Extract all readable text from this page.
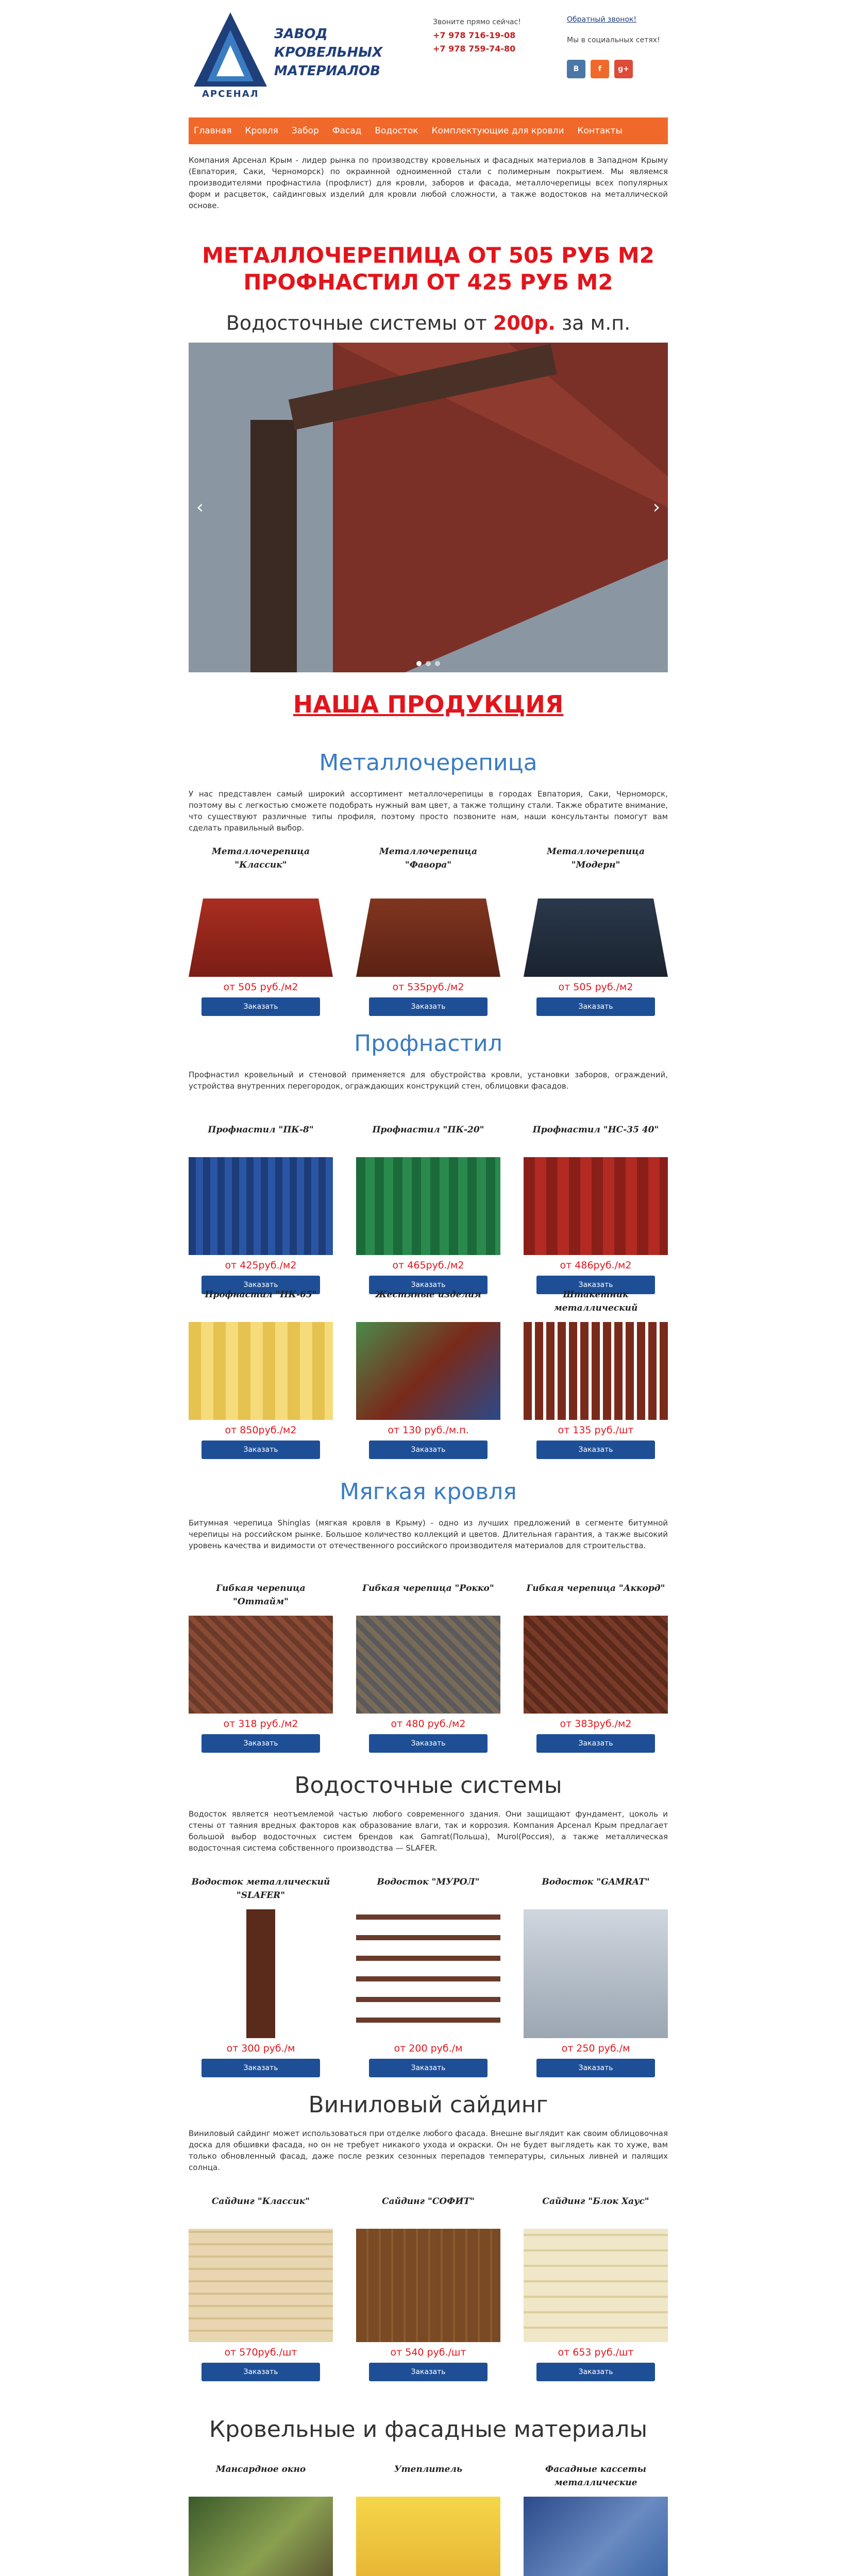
АРСЕНАЛ
ЗАВОД КРОВЕЛЬНЫХ МАТЕРИАЛОВ
Звоните прямо сейчас!
+7 978 716-19-08
+7 978 759-74-80
Обратный звонок!
Мы в социальных сетях!
В	f	g+
Главная Кровля Забор Фасад Водосток Комплектующие для кровли Контакты
Компания Арсенал Крым - лидер рынка по производству кровельных и фасадных материалов в Западном Крыму (Евпатория, Саки, Черноморск) по окраинной одноименной стали с полимерным покрытием. Мы являемся производителями профнастила (профлист) для кровли, заборов и фасада, металлочерепицы всех популярных форм и расцветок, сайдинговых изделий для кровли любой сложности, а также водостоков на металлической основе.
МЕТАЛЛОЧЕРЕПИЦА ОТ 505 РУБ М2
ПРОФНАСТИЛ ОТ 425 РУБ М2
Водосточные системы от 200р. за м.п.
‹	›
НАША ПРОДУКЦИЯ
Металлочерепица
У нас представлен самый широкий ассортимент металлочерепицы в городах Евпатория, Саки, Черноморск, поэтому вы с легкостью сможете подобрать нужный вам цвет, а также толщину стали. Также обратите внимание, что существуют различные типы профиля, поэтому просто позвоните нам, наши консультанты помогут вам сделать правильный выбор.
Металлочерепица "Классик"
от 505 руб./м2
Заказать
Металлочерепица "Фавора"
от 535руб./м2
Заказать
Металлочерепица "Модерн"
от 505 руб./м2
Заказать
Профнастил
Профнастил кровельный и стеновой применяется для обустройства кровли, установки заборов, ограждений, устройства внутренних перегородок, ограждающих конструкций стен, облицовки фасадов.
Профнастил "ПК-8"
от 425руб./м2
Заказать
Профнастил "ПК-20"
от 465руб./м2
Заказать
Профнастил "НС-35 40"
от 486руб./м2
Заказать
Профнастил "ПК-65"
от 850руб./м2
Заказать
Жестяные изделия
от 130 руб./м.п.
Заказать
Штакетник металлический
от 135 руб./шт
Заказать
Мягкая кровля
Битумная черепица Shinglas (мягкая кровля в Крыму) - одно из лучших предложений в сегменте битумной черепицы на российском рынке. Большое количество коллекций и цветов. Длительная гарантия, а также высокий уровень качества и видимости от отечественного российского производителя материалов для строительства.
Гибкая черепица "Оттайм"
от 318 руб./м2
Заказать
Гибкая черепица "Рокко"
от 480 руб./м2
Заказать
Гибкая черепица "Аккорд"
от 383руб./м2
Заказать
Водосточные системы
Водосток является неотъемлемой частью любого современного здания. Они защищают фундамент, цоколь и стены от таяния вредных факторов как образование влаги, так и коррозия. Компания Арсенал Крым предлагает большой выбор водосточных систем брендов как Gamrat(Польша), Murol(Россия), а также металлическая водосточная система собственного производства — SLAFER.
Водосток металлический "SLAFER"
от 300 руб./м
Заказать
Водосток "МУРОЛ"
от 200 руб./м
Заказать
Водосток "GAMRAT"
от 250 руб./м
Заказать
Виниловый сайдинг
Виниловый сайдинг может использоваться при отделке любого фасада. Внешне выглядит как своим облицовочная доска для обшивки фасада, но он не требует никакого ухода и окраски. Он не будет выглядеть как то хуже, вам только обновленный фасад, даже после резких сезонных перепадов температуры, сильных ливней и палящих солнца.
Сайдинг "Классик"
от 570руб./шт
Заказать
Сайдинг "СОФИТ"
от 540 руб./шт
Заказать
Сайдинг "Блок Хаус"
от 653 руб./шт
Заказать
Кровельные и фасадные материалы
Мансардное окно	Утеплитель	Фасадные кассеты металлические
